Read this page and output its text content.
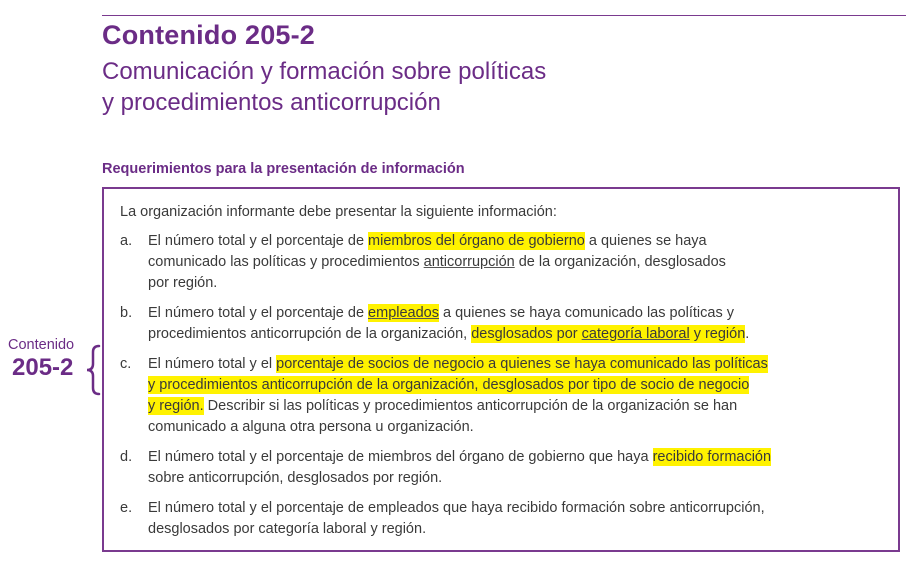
Contenido 205-2
Comunicación y formación sobre políticas
y procedimientos anticorrupción
Requerimientos para la presentación de información
La organización informante debe presentar la siguiente información:
a. El número total y el porcentaje de miembros del órgano de gobierno a quienes se haya
comunicado las políticas y procedimientos anticorrupción de la organización, desglosados
por región.
b. El número total y el porcentaje de empleados a quienes se haya comunicado las políticas y
procedimientos anticorrupción de la organización, desglosados por categoría laboral y región.
c. El número total y el porcentaje de socios de negocio a quienes se haya comunicado las políticas
y procedimientos anticorrupción de la organización, desglosados por tipo de socio de negocio
y región. Describir si las políticas y procedimientos anticorrupción de la organización se han
comunicado a alguna otra persona u organización.
d. El número total y el porcentaje de miembros del órgano de gobierno que haya recibido formación
sobre anticorrupción, desglosados por región.
e. El número total y el porcentaje de empleados que haya recibido formación sobre anticorrupción,
desglosados por categoría laboral y región.
Contenido
205-2
